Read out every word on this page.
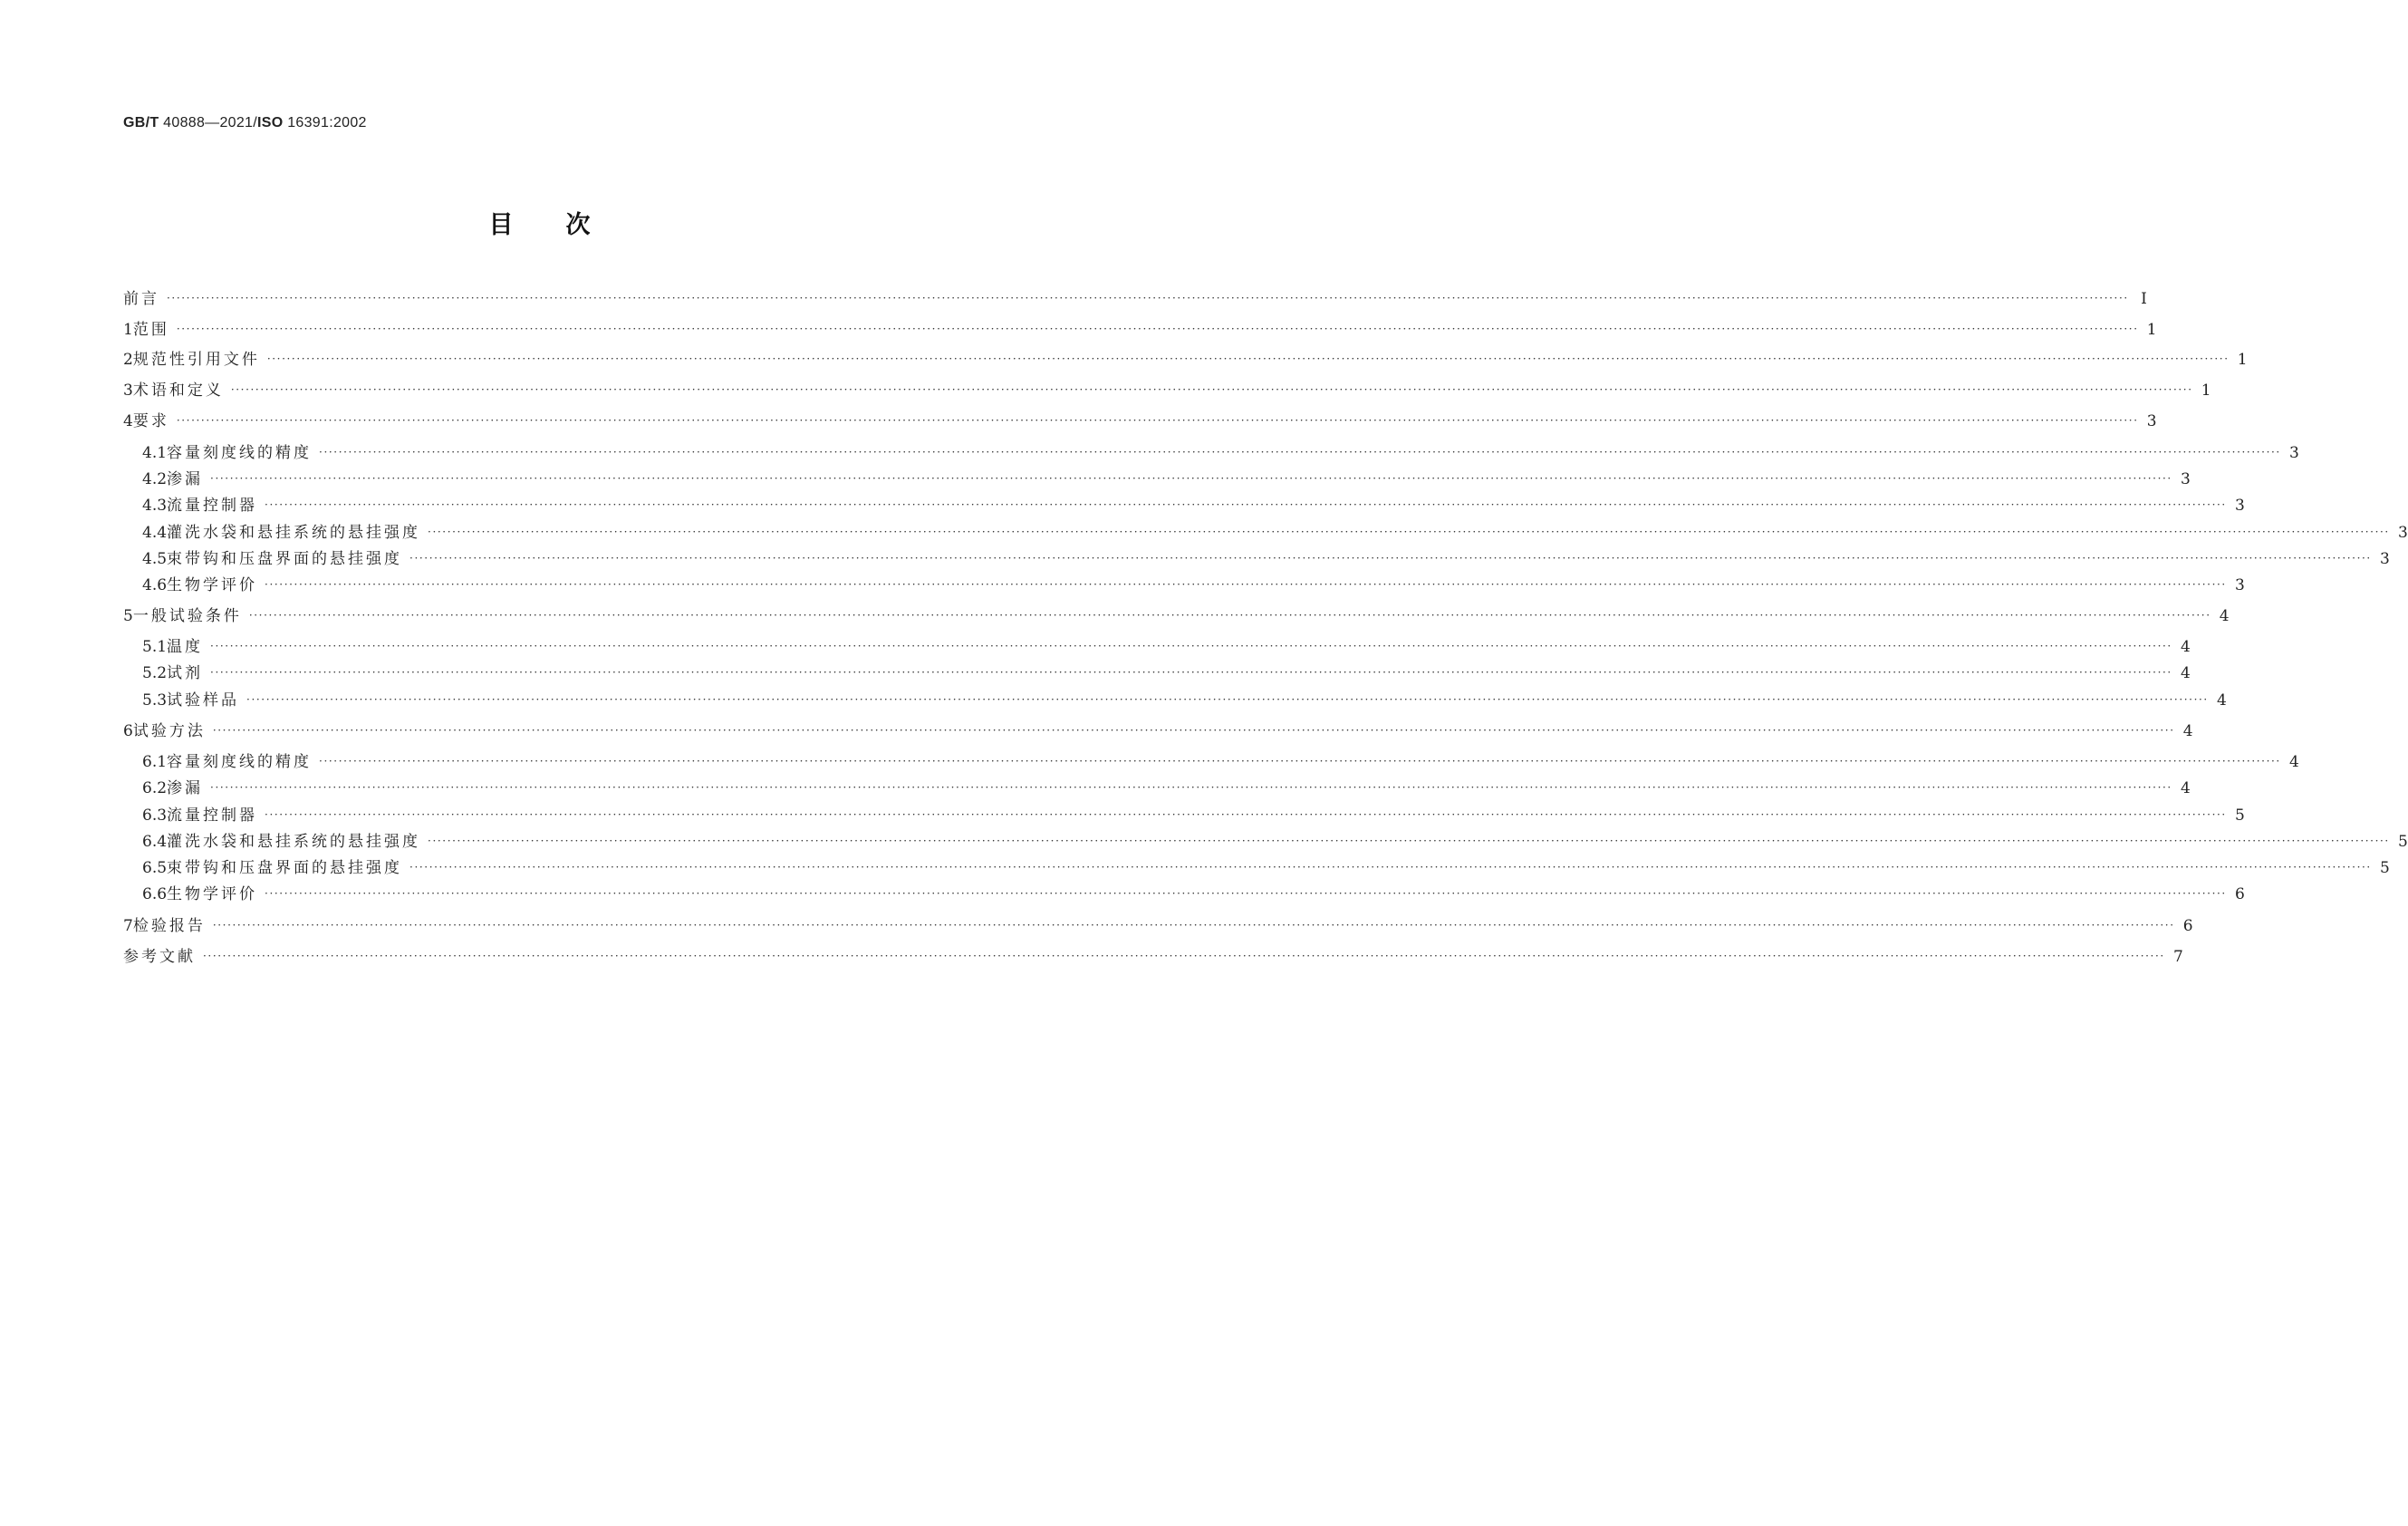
GB/T 40888—2021/ISO 16391:2002
目次
前言 ················································································································································································································································································································································································································ Ⅰ
1 范围 ················································································································································································································································································································································································································ 1
2 规范性引用文件 ················································································································································································································································································································································································································ 1
3 术语和定义 ················································································································································································································································································································································································································ 1
4 要求 ················································································································································································································································································································································································································ 3
4.1 容量刻度线的精度 ················································································································································································································································································································································································································ 3
4.2 渗漏 ················································································································································································································································································································································································································ 3
4.3 流量控制器 ················································································································································································································································································································································································································ 3
4.4 灌洗水袋和悬挂系统的悬挂强度 ················································································································································································································································································································································································································ 3
4.5 束带钩和压盘界面的悬挂强度 ················································································································································································································································································································································································································ 3
4.6 生物学评价 ················································································································································································································································································································································································································ 3
5 一般试验条件 ················································································································································································································································································································································································································ 4
5.1 温度 ················································································································································································································································································································································································································ 4
5.2 试剂 ················································································································································································································································································································································································································ 4
5.3 试验样品 ················································································································································································································································································································································································································ 4
6 试验方法 ················································································································································································································································································································································································································ 4
6.1 容量刻度线的精度 ················································································································································································································································································································································································································ 4
6.2 渗漏 ················································································································································································································································································································································································································ 4
6.3 流量控制器 ················································································································································································································································································································································································································ 5
6.4 灌洗水袋和悬挂系统的悬挂强度 ················································································································································································································································································································································································································ 5
6.5 束带钩和压盘界面的悬挂强度 ················································································································································································································································································································································································································ 5
6.6 生物学评价 ················································································································································································································································································································································································································ 6
7 检验报告 ················································································································································································································································································································································································································ 6
参考文献 ················································································································································································································································································································································································································ 7
